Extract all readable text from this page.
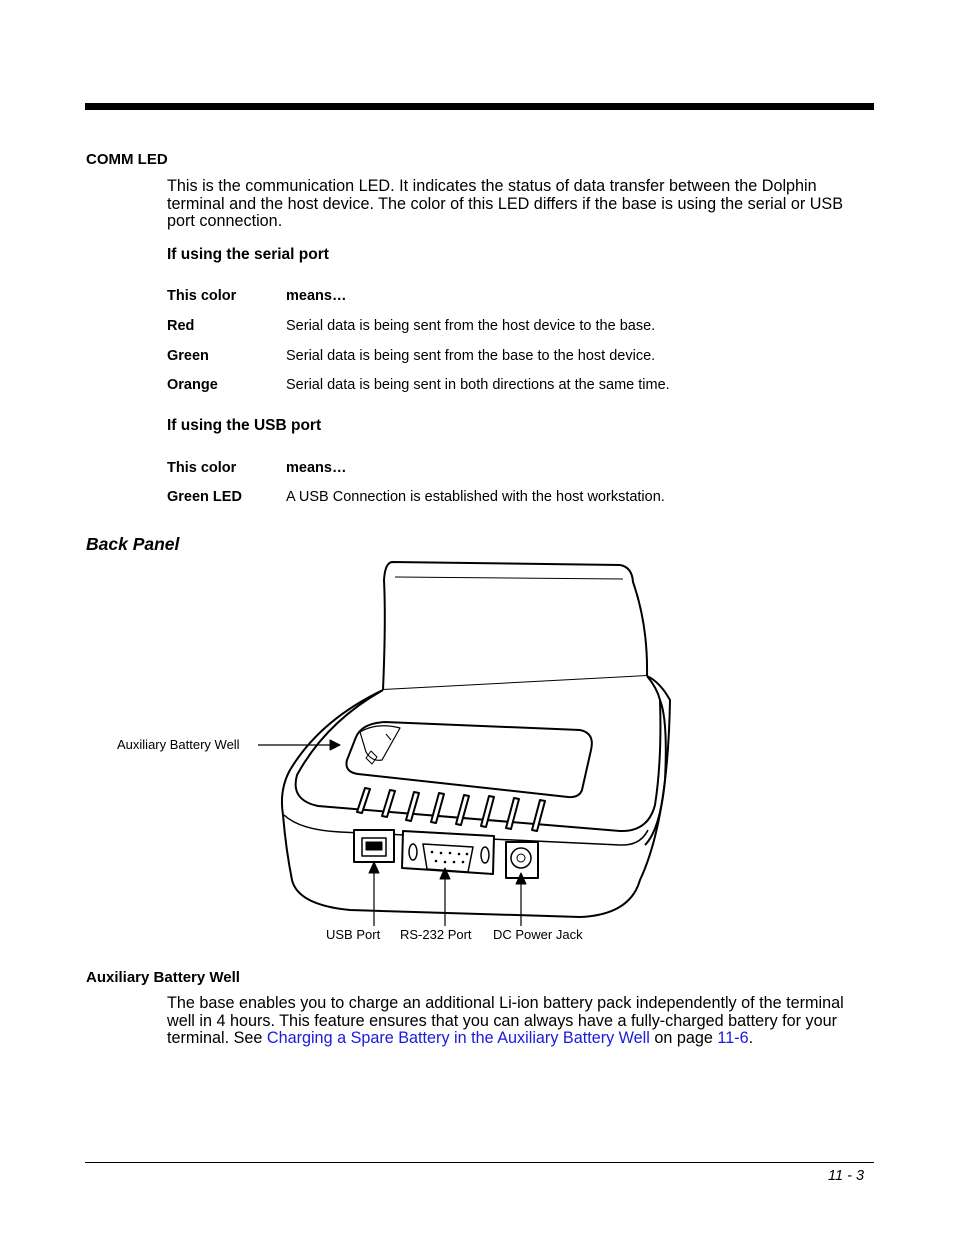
COMM LED
This is the communication LED. It indicates the status of data transfer between the Dolphin
terminal and the host device. The color of this LED differs if the base is using the serial or USB
port connection.
If using the serial port
This color	means…
Red	Serial data is being sent from the host device to the base.
Green	Serial data is being sent from the base to the host device.
Orange	Serial data is being sent in both directions at the same time.
If using the USB port
This color	means…
Green LED	A USB Connection is established with the host workstation.
Back Panel
Auxiliary Battery Well
USB Port RS-232 Port DC Power Jack
Auxiliary Battery Well
The base enables you to charge an additional Li-ion battery pack independently of the terminal
well in 4 hours. This feature ensures that you can always have a fully-charged battery for your
terminal. See Charging a Spare Battery in the Auxiliary Battery Well on page 11-6.
11 - 3
